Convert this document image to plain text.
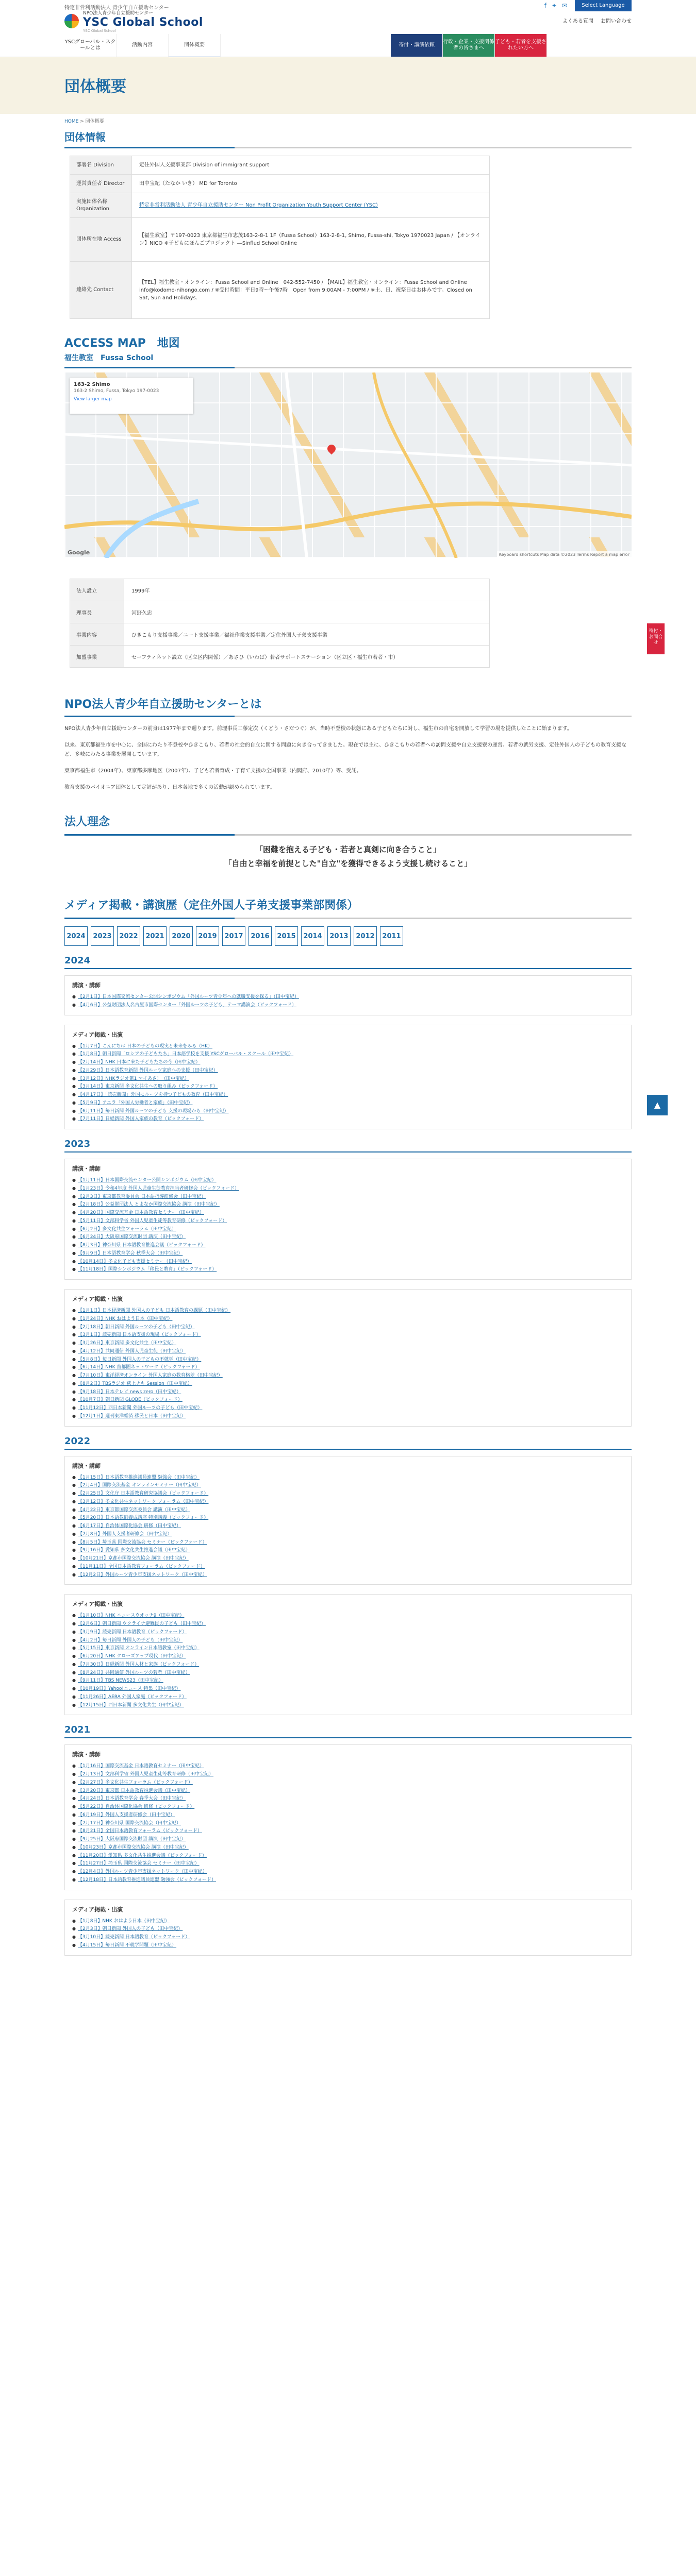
特定非営利活動法人 青少年自立援助センター	f ✦ ✉	Select Language
NPO法人青少年自立援助センター
YSC Global School
YSC Global School
よくある質問 お問い合わせ
YSCグローバル・スクールとは
活動内容	団体概要	寄付・講演依頼
行政・企業・支援関係者の皆さまへ
子ども・若者を支援されたい方へ
団体概要
HOME > 団体概要
寄付・お問合せ
▲
団体情報
部署名 Division	定住外国人支援事業部 Division of immigrant support
運営責任者 Director	田中宝紀（たなか いき） MD for Toronto
実施団体名称 Organization	特定非営利活動法人 青少年自立援助センター Non Profit Organization Youth Support Center (YSC)
団体所在地 Access	【福生教室】〒197-0023 東京都福生市志茂163-2-8-1 1F（Fussa School）163-2-8-1, Shimo, Fussa-shi, Tokyo 1970023 Japan / 【オンライン】NICO ※子どもにほんごプロジェクト ―Sinflud School Online
連絡先 Contact	【TEL】福生教室・オンライン：Fussa School and Online　042-552-7450 / 【MAIL】福生教室・オンライン：Fussa School and Online　info@kodomo-nihongo.com / ※受付時間：平日9時〜午後7時　Open from 9:00AM - 7:00PM / ※土、日、祝祭日はお休みです。Closed on Sat, Sun and Holidays.
ACCESS MAP　地図
福生教室　Fussa School
163-2 Shimo
163-2 Shimo, Fussa, Tokyo 197-0023
View larger map
Google	Keyboard shortcuts Map data ©2023 Terms Report a map error
法人設立	1999年
理事長	河野久忠
事業内容	ひきこもり支援事業／ニート支援事業／福祉作業支援事業／定住外国人子弟支援事業
加盟事業	セーフティネット設立（区立区内関係）／あさひ（いわば）若者サポートステーション（区立区・福生市若者・市）
NPO法人青少年自立援助センターとは

NPO法人青少年自立援助センターの前身は1977年まで遡ります。前理事長工藤定次（くどう・さだつぐ）が、当時不登校の状態にある子どもたちに対し、福生市の自宅を開放して学習の場を提供したことに始まります。

以来、東京都福生市を中心に、全国にわたり不登校やひきこもり、若者の社会的自立に関する問題に向き合ってきました。現在では主に、ひきこもりの若者への訪問支援や自立支援寮の運営、若者の就労支援、定住外国人の子どもの教育支援など、多岐にわたる事業を展開しています。

東京都福生市（2004年）、東京都多摩地区（2007年）、子ども若者育成・子育て支援の全国事業（内閣府、2010年）等、受託。

教育支援のパイオニア団体として定評があり、日本各地で多くの活動が認められています。

法人理念
「困難を抱える子ども・若者と真剣に向き合うこと」
「自由と幸福を前提とした"自立"を獲得できるよう支援し続けること」
メディア掲載・講演歴（定住外国人子弟支援事業部関係）
2024	2023	2022	2021	2020	2019	2017	2016	2015	2014	2013	2012	2011
2024
講演・講師
● 【2月1日】日本国際交流センター公開シンポジウム「外国ルーツ青少年への就職支援を探る」（田中宝紀）
● 【4月6日】公益財団法人名古屋市国際センター「外国ルーツの子ども」テーマ講演会（ピックフォード）
メディア掲載・出演
● 【1月7日】こんにちは 日本の子どもの現実と未来をみる（HK）
● 【1月8日】朝日新聞「ロシアの子どもたち」日本語学校を支援 YSCグローバル・スクール（田中宝紀）
● 【2月14日】NHK 日本に来た子どもたちの今（田中宝紀）
● 【2月29日】日本語教育新聞 外国ルーツ家庭への支援（田中宝紀）
● 【3月12日】NHKラジオ第1 マイあさ！（田中宝紀）
● 【3月14日】東京新聞 多文化共生への取り組み（ピックフォード）
● 【4月17日】「読売新聞」外国にルーツを持つ子どもの教育（田中宝紀）
● 【5月9日】アエラ「外国人労働者と家族」（田中宝紀）
● 【6月11日】毎日新聞 外国ルーツの子ども 支援の現場から（田中宝紀）
● 【7月11日】日経新聞 外国人家族の教育（ピックフォード）
2023
講演・講師
● 【1月11日】日本国際交流センター公開シンポジウム（田中宝紀）
● 【1月23日】令和4年度 外国人児童生徒教育担当者研修会（ピックフォード）
● 【2月3日】東京都教育委員会 日本語指導研修会（田中宝紀）
● 【2月18日】公益財団法人 とよなか国際交流協会 講演（田中宝紀）
● 【4月20日】国際交流基金 日本語教育セミナー（田中宝紀）
● 【5月11日】文部科学省 外国人児童生徒等教育研修（ピックフォード）
● 【6月2日】多文化共生フォーラム（田中宝紀）
● 【6月24日】大阪府国際交流財団 講演（田中宝紀）
● 【8月3日】神奈川県 日本語教育推進会議（ピックフォード）
● 【9月9日】日本語教育学会 秋季大会（田中宝紀）
● 【10月14日】多文化子ども支援セミナー（田中宝紀）
● 【11月18日】国際シンポジウム「移民と教育」（ピックフォード）
メディア掲載・出演
● 【1月1日】日本経済新聞 外国人の子ども 日本語教育の課題（田中宝紀）
● 【1月24日】NHK おはよう日本（田中宝紀）
● 【2月18日】朝日新聞 外国ルーツの子ども（田中宝紀）
● 【3月1日】読売新聞 日本語支援の現場（ピックフォード）
● 【3月26日】東京新聞 多文化共生（田中宝紀）
● 【4月12日】共同通信 外国人児童生徒（田中宝紀）
● 【5月8日】毎日新聞 外国人の子どもの不就学（田中宝紀）
● 【6月14日】NHK 首都圏ネットワーク（ピックフォード）
● 【7月10日】東洋経済オンライン 外国人家庭の教育格差（田中宝紀）
● 【8月2日】TBSラジオ 荻上チキ Session（田中宝紀）
● 【9月18日】日本テレビ news zero（田中宝紀）
● 【10月7日】朝日新聞 GLOBE（ピックフォード）
● 【11月12日】西日本新聞 外国ルーツの子ども（田中宝紀）
● 【12月1日】週刊東洋経済 移民と日本（田中宝紀）
2022
講演・講師
● 【1月15日】日本語教育推進議員連盟 勉強会（田中宝紀）
● 【2月4日】国際交流基金 オンラインセミナー（田中宝紀）
● 【2月25日】文化庁 日本語教育研究協議会（ピックフォード）
● 【3月12日】多文化共生ネットワーク フォーラム（田中宝紀）
● 【4月22日】東京都国際交流委員会 講演（田中宝紀）
● 【5月20日】日本語教師養成講座 特別講義（ピックフォード）
● 【6月17日】自治体国際化協会 研修（田中宝紀）
● 【7月8日】外国人支援者研修会（田中宝紀）
● 【8月5日】埼玉県 国際交流協会 セミナー（ピックフォード）
● 【9月16日】愛知県 多文化共生推進会議（田中宝紀）
● 【10月21日】京都市国際交流協会 講演（田中宝紀）
● 【11月11日】全国日本語教育フォーラム（ピックフォード）
● 【12月2日】外国ルーツ青少年支援ネットワーク（田中宝紀）
メディア掲載・出演
● 【1月10日】NHK ニュースウオッチ9（田中宝紀）
● 【2月6日】朝日新聞 ウクライナ避難民の子ども（田中宝紀）
● 【3月9日】読売新聞 日本語教育（ピックフォード）
● 【4月2日】毎日新聞 外国人の子ども（田中宝紀）
● 【5月15日】東京新聞 オンライン日本語教室（田中宝紀）
● 【6月20日】NHK クローズアップ現代（田中宝紀）
● 【7月30日】日経新聞 外国人材と家族（ピックフォード）
● 【8月24日】共同通信 外国ルーツの若者（田中宝紀）
● 【9月11日】TBS NEWS23（田中宝紀）
● 【10月19日】Yahoo!ニュース 特集（田中宝紀）
● 【11月26日】AERA 外国人家庭（ピックフォード）
● 【12月15日】西日本新聞 多文化共生（田中宝紀）
2021
講演・講師
● 【1月16日】国際交流基金 日本語教育セミナー（田中宝紀）
● 【2月13日】文部科学省 外国人児童生徒等教育研修（田中宝紀）
● 【2月27日】多文化共生フォーラム（ピックフォード）
● 【3月20日】東京都 日本語教育推進会議（田中宝紀）
● 【4月24日】日本語教育学会 春季大会（田中宝紀）
● 【5月22日】自治体国際化協会 研修（ピックフォード）
● 【6月19日】外国人支援者研修会（田中宝紀）
● 【7月17日】神奈川県 国際交流協会（田中宝紀）
● 【8月21日】全国日本語教育フォーラム（ピックフォード）
● 【9月25日】大阪府国際交流財団 講演（田中宝紀）
● 【10月23日】京都市国際交流協会 講演（田中宝紀）
● 【11月20日】愛知県 多文化共生推進会議（ピックフォード）
● 【11月27日】埼玉県 国際交流協会 セミナー（田中宝紀）
● 【12月4日】外国ルーツ青少年支援ネットワーク（田中宝紀）
● 【12月18日】日本語教育推進議員連盟 勉強会（ピックフォード）
メディア掲載・出演
● 【1月8日】NHK おはよう日本（田中宝紀）
● 【2月3日】朝日新聞 外国人の子ども（田中宝紀）
● 【3月10日】読売新聞 日本語教育（ピックフォード）
● 【4月15日】毎日新聞 不就学問題（田中宝紀）
